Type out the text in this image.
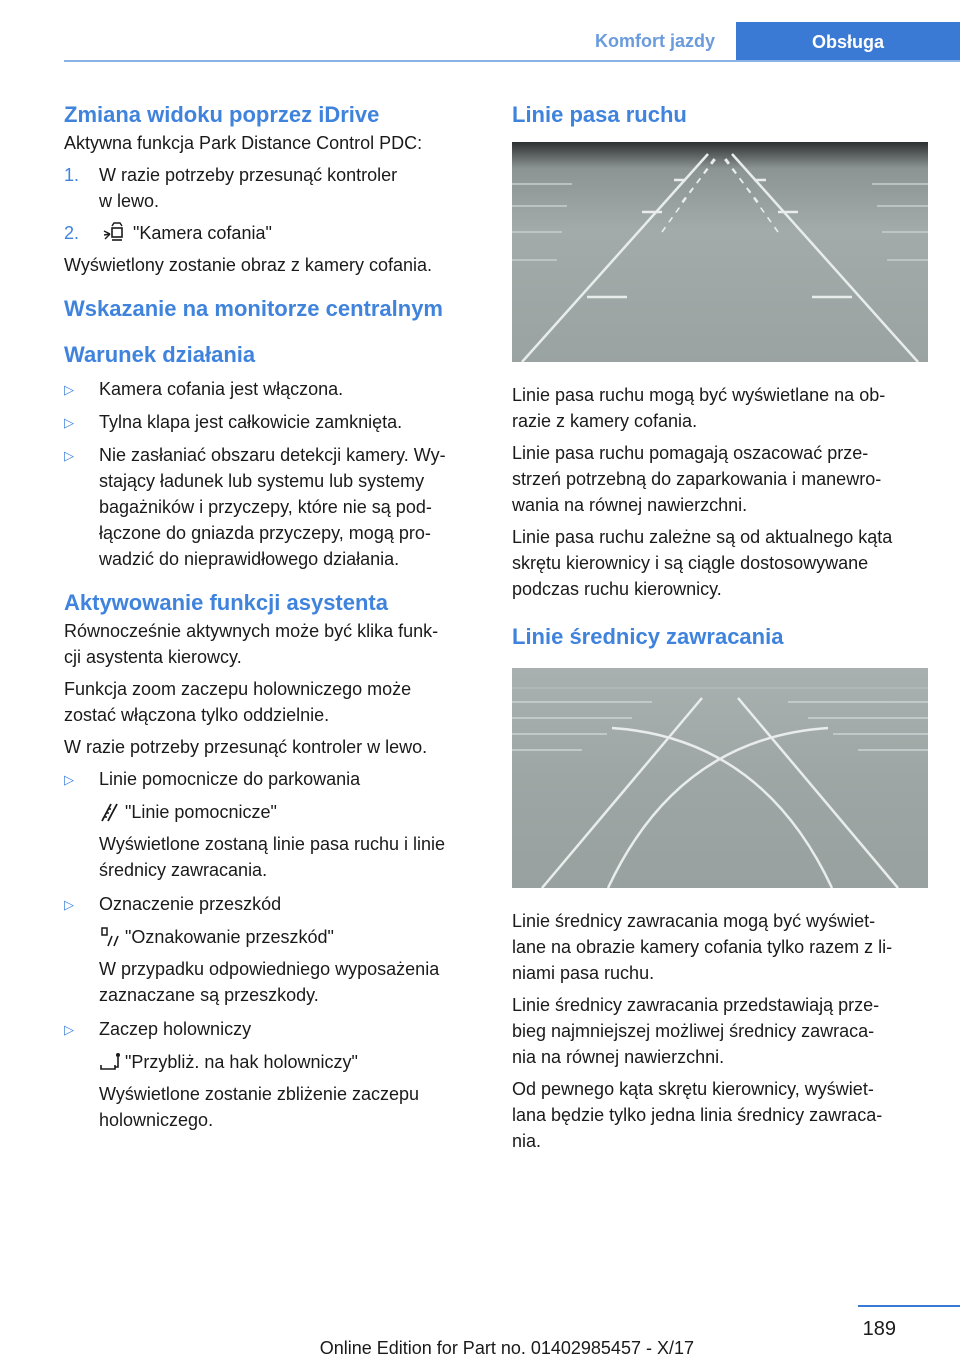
Komfort jazdy	Obsługa
Zmiana widoku poprzez iDrive

Aktywna funkcja Park Distance Control PDC:

1.	W razie potrzeby przesunąć kontroler
w lewo.
2.	"Kamera cofania"

Wyświetlony zostanie obraz z kamery cofania.

Wskazanie na monitorze centralnym
Warunek działania
▷	Kamera cofania jest włączona.
▷	Tylna klapa jest całkowicie zamknięta.
▷	Nie zasłaniać obszaru detekcji kamery. Wy-
stający ładunek lub systemu lub systemy
bagażników i przyczepy, które nie są pod-
łączone do gniazda przyczepy, mogą pro-
wadzić do nieprawidłowego działania.
Aktywowanie funkcji asystenta

Równocześnie aktywnych może być klika funk-
cji asystenta kierowcy.

Funkcja zoom zaczepu holowniczego może
zostać włączona tylko oddzielnie.

W razie potrzeby przesunąć kontroler w lewo.

▷	Linie pomocnicze do parkowania
"Linie pomocnicze"
Wyświetlone zostaną linie pasa ruchu i linie
średnicy zawracania.
▷	Oznaczenie przeszkód
"Oznakowanie przeszkód"
W przypadku odpowiedniego wyposażenia
zaznaczane są przeszkody.
▷	Zaczep holowniczy
"Przybliż. na hak holowniczy"
Wyświetlone zostanie zbliżenie zaczepu
holowniczego.
Linie pasa ruchu

Linie pasa ruchu mogą być wyświetlane na ob-
razie z kamery cofania.

Linie pasa ruchu pomagają oszacować prze-
strzeń potrzebną do zaparkowania i manewro-
wania na równej nawierzchni.

Linie pasa ruchu zależne są od aktualnego kąta
skrętu kierownicy i są ciągle dostosowywane
podczas ruchu kierownicy.

Linie średnicy zawracania

Linie średnicy zawracania mogą być wyświet-
lane na obrazie kamery cofania tylko razem z li-
niami pasa ruchu.

Linie średnicy zawracania przedstawiają prze-
bieg najmniejszej możliwej średnicy zawraca-
nia na równej nawierzchni.

Od pewnego kąta skrętu kierownicy, wyświet-
lana będzie tylko jedna linia średnicy zawraca-
nia.

189
Online Edition for Part no. 01402985457 - X/17
